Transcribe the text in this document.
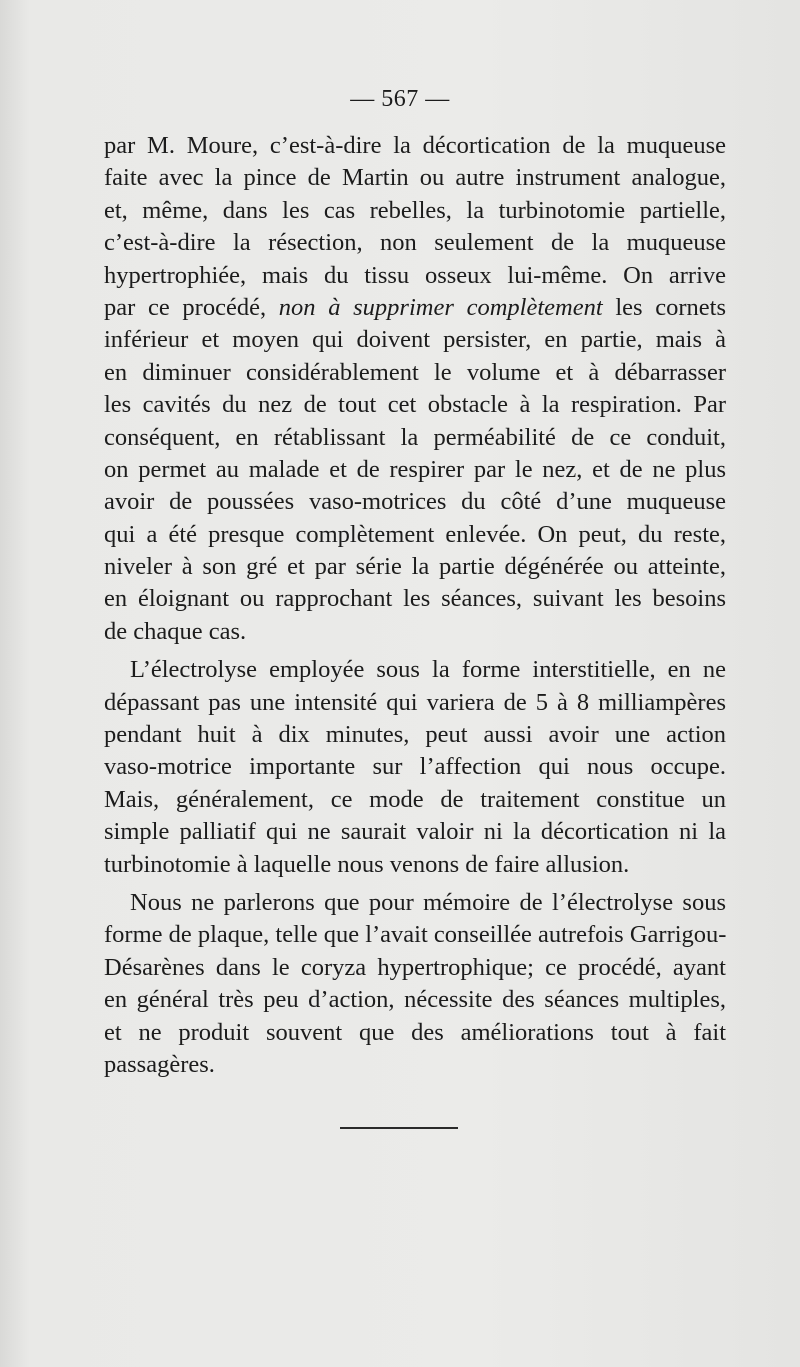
— 567 —
par M. Moure, c’est-à-dire la décortication de la muqueuse
faite avec la pince de Martin ou autre instrument analogue,
et, même, dans les cas rebelles, la turbinotomie partielle,
c’est-à-dire la résection, non seulement de la muqueuse
hypertrophiée, mais du tissu osseux lui-même. On arrive
par ce procédé, non à supprimer complètement les cornets
inférieur et moyen qui doivent persister, en partie, mais à
en diminuer considérablement le volume et à débarrasser
les cavités du nez de tout cet obstacle à la respiration. Par
conséquent, en rétablissant la perméabilité de ce conduit,
on permet au malade et de respirer par le nez, et de ne plus
avoir de poussées vaso-motrices du côté d’une muqueuse
qui a été presque complètement enlevée. On peut, du reste,
niveler à son gré et par série la partie dégénérée ou atteinte,
en éloignant ou rapprochant les séances, suivant les besoins
de chaque cas.
L’électrolyse employée sous la forme interstitielle, en ne
dépassant pas une intensité qui variera de 5 à 8 milliampères
pendant huit à dix minutes, peut aussi avoir une action
vaso-motrice importante sur l’affection qui nous occupe.
Mais, généralement, ce mode de traitement constitue un
simple palliatif qui ne saurait valoir ni la décortication ni la
turbinotomie à laquelle nous venons de faire allusion.
Nous ne parlerons que pour mémoire de l’électrolyse sous
forme de plaque, telle que l’avait conseillée autrefois Garrigou-
Désarènes dans le coryza hypertrophique; ce procédé, ayant
en général très peu d’action, nécessite des séances multiples,
et ne produit souvent que des améliorations tout à fait
passagères.
